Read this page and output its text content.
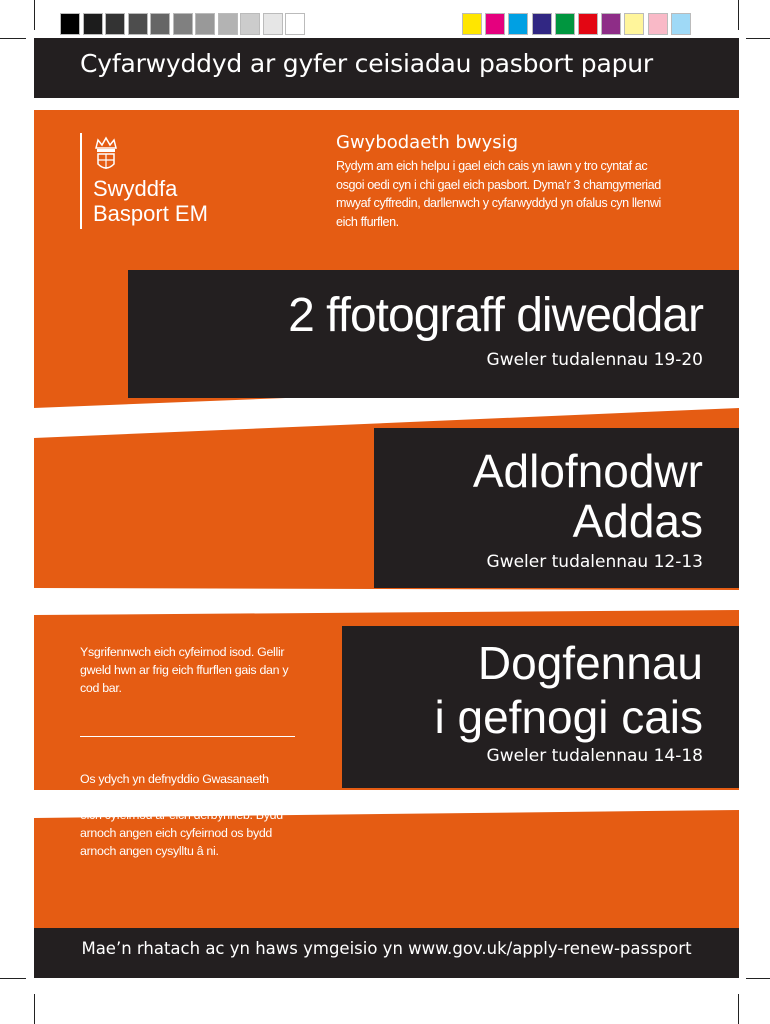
Cyfarwyddyd ar gyfer ceisiadau pasbort papur
Swyddfa
Basport EM
Gwybodaeth bwysig
Rydym am eich helpu i gael eich cais yn iawn y tro cyntaf ac osgoi oedi cyn i chi gael eich pasbort. Dyma’r 3 chamgymeriad mwyaf cyffredin, darllenwch y cyfarwyddyd yn ofalus cyn llenwi eich ffurflen.
2 ffotograff diweddar
Gweler tudalennau 19-20
Adlofnodwr
Addas
Gweler tudalennau 12-13
Dogfennau
i gefnogi cais
Gweler tudalennau 14-18
Ysgrifennwch eich cyfeirnod isod. Gellir gweld hwn ar frig eich ffurflen gais dan y cod bar.
Os ydych yn defnyddio Gwasanaeth Gwirio a Danfon y Swyddfa Bost, bydd eich cyfeirnod ar eich derbynneb. Bydd arnoch angen eich cyfeirnod os bydd arnoch angen cysylltu â ni.
Mae’n rhatach ac yn haws ymgeisio yn www.gov.uk/apply-renew-passport
